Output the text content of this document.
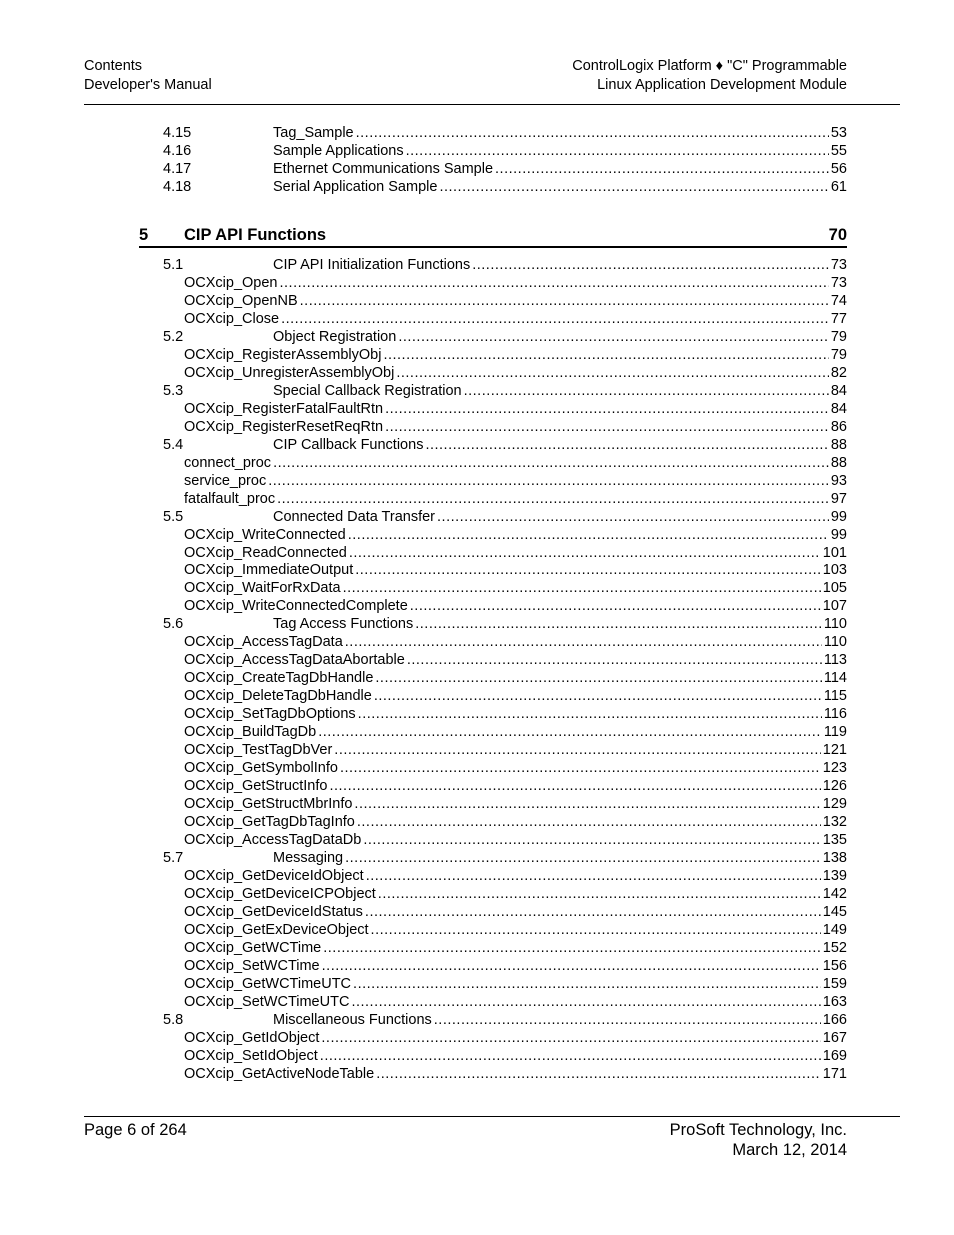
Contents
Developer's Manual
ControlLogix Platform ♦ "C" Programmable
Linux Application Development Module
4.15	Tag_Sample .....	53
4.16	Sample Applications .....	55
4.17	Ethernet Communications Sample .....	56
4.18	Serial Application Sample .....	61
5 CIP API Functions	70
5.1	CIP API Initialization Functions .....	73
OCXcip_Open .....	73
OCXcip_OpenNB .....	74
OCXcip_Close .....	77
5.2	Object Registration .....	79
OCXcip_RegisterAssemblyObj .....	79
OCXcip_UnregisterAssemblyObj .....	82
5.3	Special Callback Registration .....	84
OCXcip_RegisterFatalFaultRtn .....	84
OCXcip_RegisterResetReqRtn .....	86
5.4	CIP Callback Functions .....	88
connect_proc .....	88
service_proc .....	93
fatalfault_proc .....	97
5.5	Connected Data Transfer .....	99
OCXcip_WriteConnected .....	99
OCXcip_ReadConnected .....	101
OCXcip_ImmediateOutput .....	103
OCXcip_WaitForRxData .....	105
OCXcip_WriteConnectedComplete .....	107
5.6	Tag Access Functions .....	110
OCXcip_AccessTagData .....	110
OCXcip_AccessTagDataAbortable .....	113
OCXcip_CreateTagDbHandle .....	114
OCXcip_DeleteTagDbHandle .....	115
OCXcip_SetTagDbOptions .....	116
OCXcip_BuildTagDb .....	119
OCXcip_TestTagDbVer .....	121
OCXcip_GetSymbolInfo .....	123
OCXcip_GetStructInfo .....	126
OCXcip_GetStructMbrInfo .....	129
OCXcip_GetTagDbTagInfo .....	132
OCXcip_AccessTagDataDb .....	135
5.7	Messaging .....	138
OCXcip_GetDeviceIdObject .....	139
OCXcip_GetDeviceICPObject .....	142
OCXcip_GetDeviceIdStatus .....	145
OCXcip_GetExDeviceObject .....	149
OCXcip_GetWCTime .....	152
OCXcip_SetWCTime .....	156
OCXcip_GetWCTimeUTC .....	159
OCXcip_SetWCTimeUTC .....	163
5.8	Miscellaneous Functions .....	166
OCXcip_GetIdObject .....	167
OCXcip_SetIdObject .....	169
OCXcip_GetActiveNodeTable .....	171
Page 6 of 264	ProSoft Technology, Inc.
March 12, 2014
